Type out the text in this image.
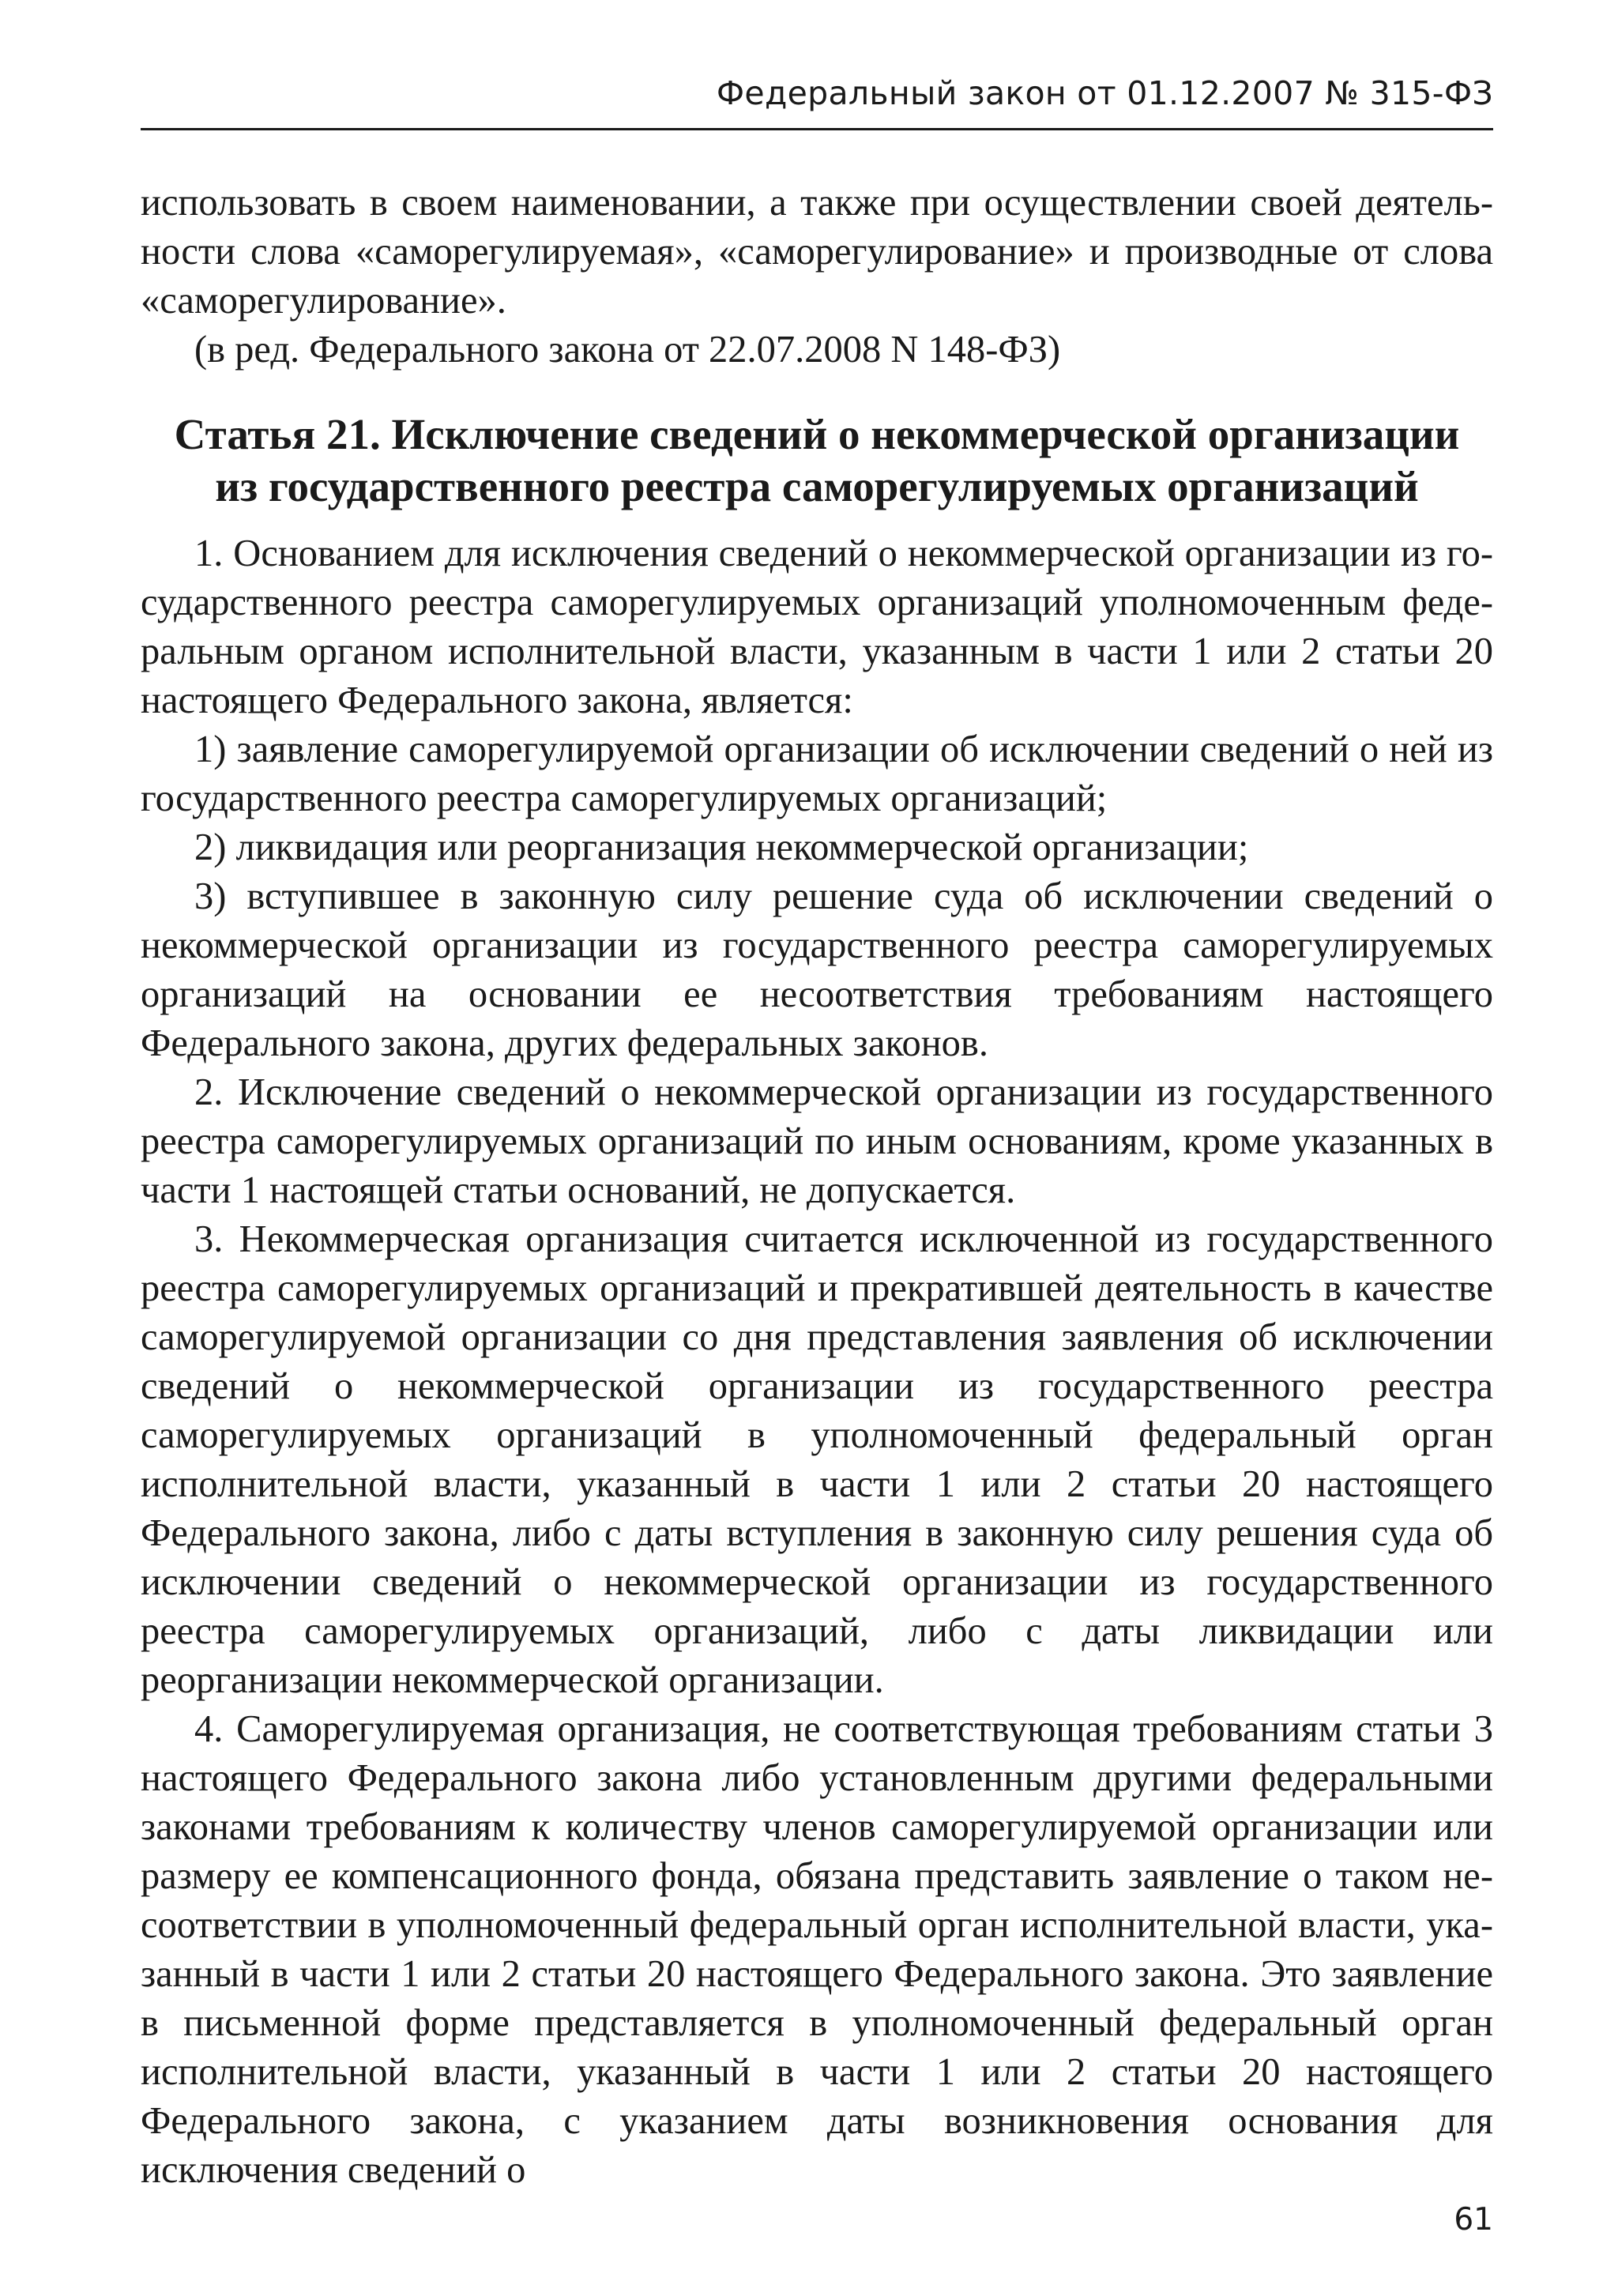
Федеральный закон от 01.12.2007 № 315-ФЗ

использовать в своем наименовании, а также при осуществлении своей деятельности слова «саморегулируемая», «саморегулирование» и производные от слова «саморегулирование».

(в ред. Федерального закона от 22.07.2008 N 148-ФЗ)

Статья 21. Исключение сведений о некоммерческой организации
из государственного реестра саморегулируемых организаций

1. Основанием для исключения сведений о некоммерческой организации из государственного реестра саморегулируемых организаций уполномоченным федеральным органом исполнительной власти, указанным в части 1 или 2 статьи 20 настоящего Федерального закона, является:

1) заявление саморегулируемой организации об исключении сведений о ней из государственного реестра саморегулируемых организаций;

2) ликвидация или реорганизация некоммерческой организации;

3) вступившее в законную силу решение суда об исключении сведений о некоммерческой организации из государственного реестра саморегулируемых организаций на основании ее несоответствия требованиям настоящего Федерального закона, других федеральных законов.

2. Исключение сведений о некоммерческой организации из государственного реестра саморегулируемых организаций по иным основаниям, кроме указанных в части 1 настоящей статьи оснований, не допускается.

3. Некоммерческая организация считается исключенной из государственного реестра саморегулируемых организаций и прекратившей деятельность в качестве саморегулируемой организации со дня представления заявления об исключении сведений о некоммерческой организации из государственного реестра саморегулируемых организаций в уполномоченный федеральный орган исполнительной власти, указанный в части 1 или 2 статьи 20 настоящего Федерального закона, либо с даты вступления в законную силу решения суда об исключении сведений о некоммерческой организации из государственного реестра саморегулируемых организаций, либо с даты ликвидации или реорганизации некоммерческой организации.

4. Саморегулируемая организация, не соответствующая требованиям статьи 3 настоящего Федерального закона либо установленным другими федеральными законами требованиям к количеству членов саморегулируемой организации или размеру ее компенсационного фонда, обязана представить заявление о таком несоответствии в уполномоченный федеральный орган исполнительной власти, указанный в части 1 или 2 статьи 20 настоящего Федерального закона. Это заявление в письменной форме представляется в уполномоченный федеральный орган исполнительной власти, указанный в части 1 или 2 статьи 20 настоящего Федерального закона, с указанием даты возникновения основания для исключения сведений о

61
